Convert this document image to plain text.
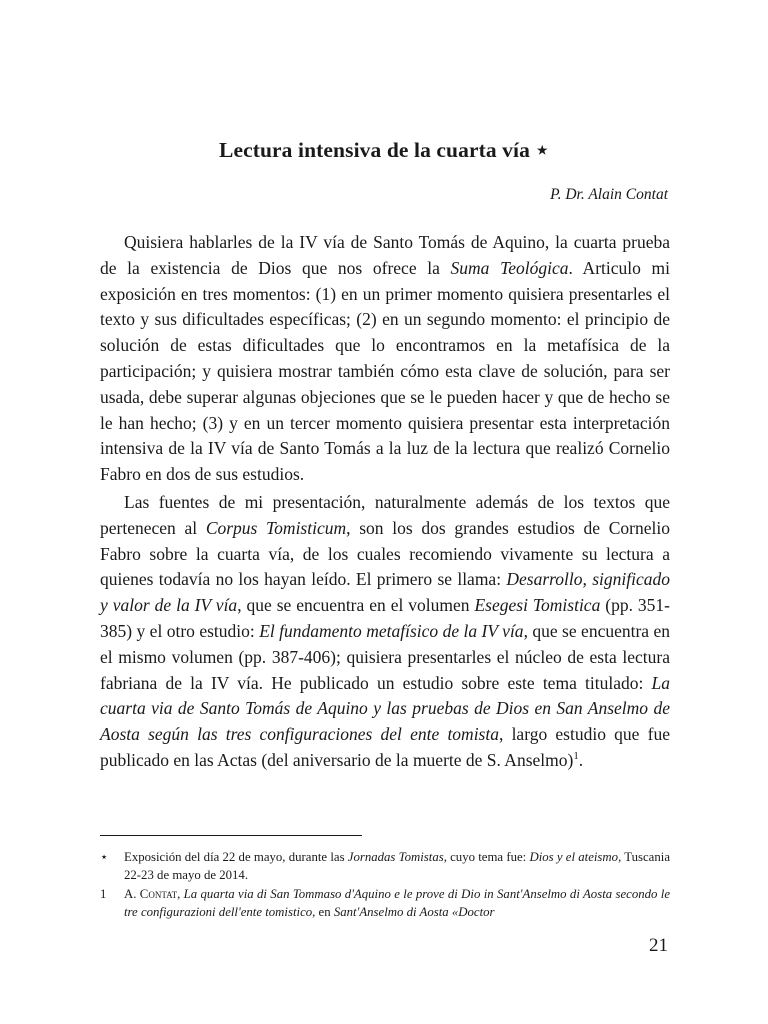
Lectura intensiva de la cuarta vía ⋆
P. Dr. Alain Contat

Quisiera hablarles de la IV vía de Santo Tomás de Aquino, la cuarta prueba de la existencia de Dios que nos ofrece la Suma Teológica. Articulo mi exposición en tres momentos: (1) en un primer momento quisiera presentarles el texto y sus dificultades específicas; (2) en un segundo momento: el principio de solución de estas dificultades que lo encontramos en la metafísica de la participación; y quisiera mostrar también cómo esta clave de solución, para ser usada, debe superar algunas objeciones que se le pueden hacer y que de hecho se le han hecho; (3) y en un tercer momento quisiera presentar esta interpretación intensiva de la IV vía de Santo Tomás a la luz de la lectura que realizó Cornelio Fabro en dos de sus estudios.

Las fuentes de mi presentación, naturalmente además de los textos que pertenecen al Corpus Tomisticum, son los dos grandes estudios de Cornelio Fabro sobre la cuarta vía, de los cuales recomiendo vivamente su lectura a quienes todavía no los hayan leído. El primero se llama: Desarrollo, significado y valor de la IV vía, que se encuentra en el volumen Esegesi Tomistica (pp. 351-385) y el otro estudio: El fundamento metafísico de la IV vía, que se encuentra en el mismo volumen (pp. 387-406); quisiera presentarles el núcleo de esta lectura fabriana de la IV vía. He publicado un estudio sobre este tema titulado: La cuarta via de Santo Tomás de Aquino y las pruebas de Dios en San Anselmo de Aosta según las tres configuraciones del ente tomista, largo estudio que fue publicado en las Actas (del aniversario de la muerte de S. Anselmo)$^1$.

⋆ Exposición del día 22 de mayo, durante las Jornadas Tomistas, cuyo tema fue: Dios y el ateismo, Tuscania 22-23 de mayo de 2014.
1 A. Contat, La quarta via di San Tommaso d'Aquino e le prove di Dio in Sant'Anselmo di Aosta secondo le tre configurazioni dell'ente tomistico, en Sant'Anselmo di Aosta «Doctor
21
